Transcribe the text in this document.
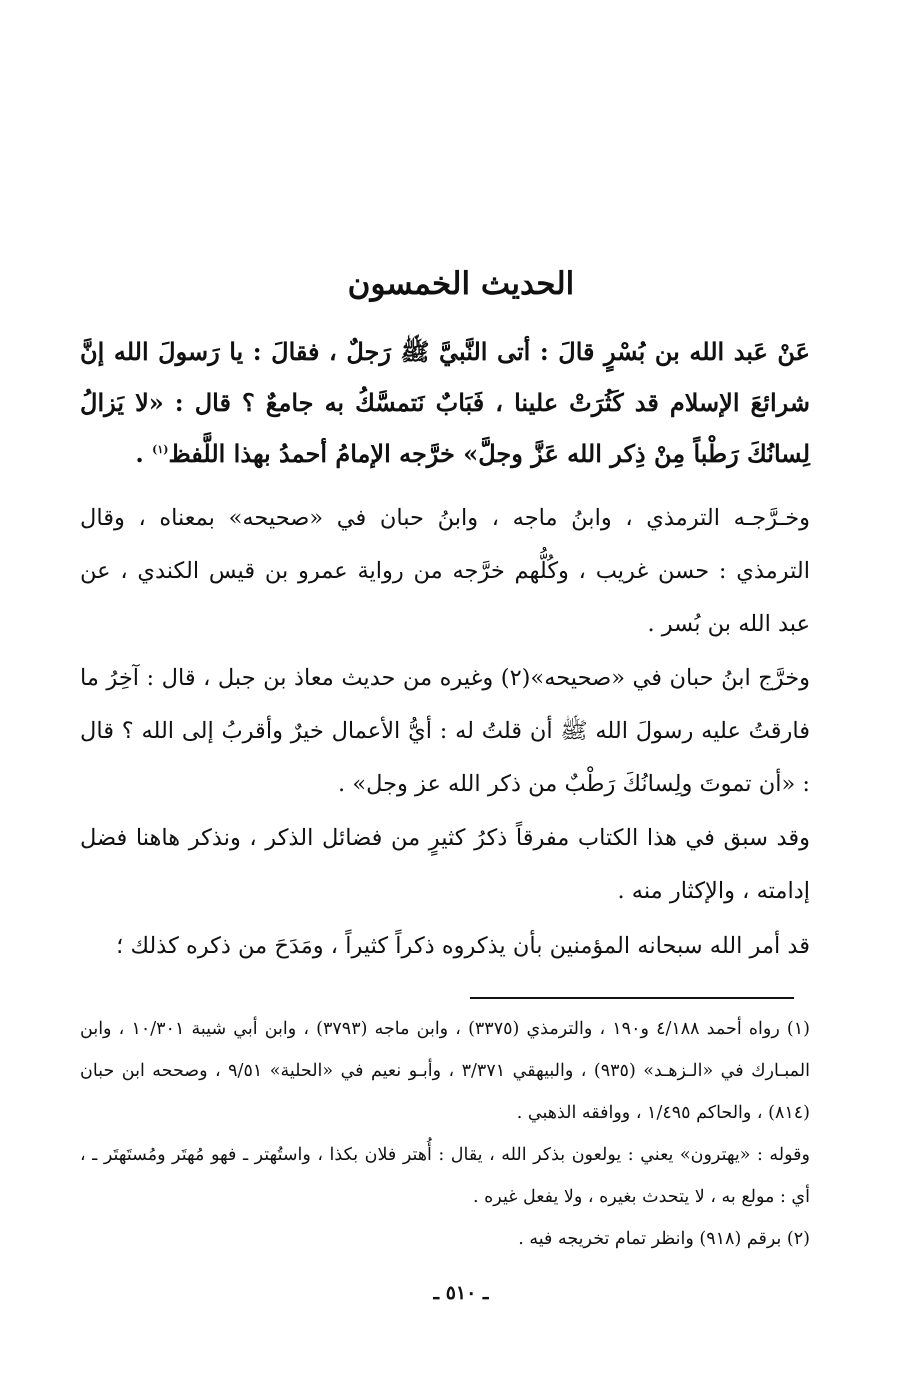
الحديث الخمسون
عَنْ عَبد الله بن بُسْرٍ قالَ : أتى النَّبيَّ ﷺ رَجلٌ ، فقالَ : يا رَسولَ الله إنَّ شرائعَ الإسلام قد كَثُرَتْ علينا ، فَبَابٌ نَتمسَّكُ به جامعٌ ؟ قال : «لا يَزالُ لِسانُكَ رَطْباً مِنْ ذِكر الله عَزَّ وجلَّ» خرَّجه الإمامُ أحمدُ بهذا اللَّفظ$^{(١)}$ .
وخـرَّجـه الترمذي ، وابنُ ماجه ، وابنُ حبان في «صحيحه» بمعناه ، وقال الترمذي : حسن غريب ، وكُلُّهم خرَّجه من رواية عمرو بن قيس الكندي ، عن عبد الله بن بُسر .
وخرَّج ابنُ حبان في «صحيحه»(٢) وغيره من حديث معاذ بن جبل ، قال : آخِرُ ما فارقتُ عليه رسولَ الله ﷺ أن قلتُ له : أيُّ الأعمال خيرٌ وأقربُ إلى الله ؟ قال : «أن تموتَ ولِسانُكَ رَطْبٌ من ذكر الله عز وجل» .
وقد سبق في هذا الكتاب مفرقاً ذكرُ كثيرٍ من فضائل الذكر ، ونذكر هاهنا فضل إدامته ، والإكثار منه .
قد أمر الله سبحانه المؤمنين بأن يذكروه ذكراً كثيراً ، ومَدَحَ من ذكره كذلك ؛
(١) رواه أحمد ٤/١٨٨ و١٩٠ ، والترمذي (٣٣٧٥) ، وابن ماجه (٣٧٩٣) ، وابن أبي شيبة ١٠/٣٠١ ، وابن المبـارك في «الـزهـد» (٩٣٥) ، والبيهقي ٣/٣٧١ ، وأبـو نعيم في «الحلية» ٩/٥١ ، وصححه ابن حبان (٨١٤) ، والحاكم ١/٤٩٥ ، ووافقه الذهبي .
وقوله : «يهترون» يعني : يولعون بذكر الله ، يقال : أُهتر فلان بكذا ، واستُهتر ـ فهو مُهتَر ومُستَهتَر ـ ، أي : مولع به ، لا يتحدث بغيره ، ولا يفعل غيره .
(٢) برقم (٩١٨) وانظر تمام تخريجه فيه .
ـ ٥١٠ ـ
